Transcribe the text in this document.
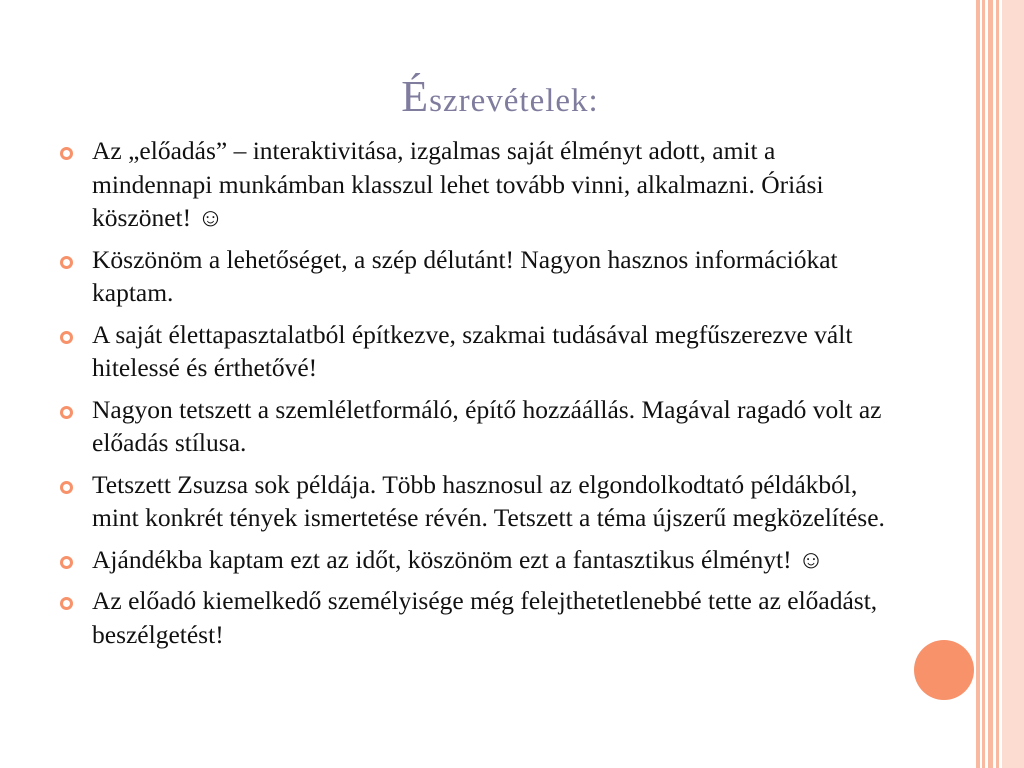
Észrevételek:
Az „előadás” – interaktivitása, izgalmas saját élményt adott, amit a mindennapi munkámban klasszul lehet tovább vinni, alkalmazni. Óriási köszönet! ☺
Köszönöm a lehetőséget, a szép délutánt! Nagyon hasznos információkat kaptam.
A saját élettapasztalatból építkezve, szakmai tudásával megfűszerezve vált hitelessé és érthetővé!
Nagyon tetszett a szemléletformáló, építő hozzáállás. Magával ragadó volt az előadás stílusa.
Tetszett Zsuzsa sok példája. Több hasznosul az elgondolkodtató példákból, mint konkrét tények ismertetése révén. Tetszett a téma újszerű megközelítése.
Ajándékba kaptam ezt az időt, köszönöm ezt a fantasztikus élményt! ☺
Az előadó kiemelkedő személyisége még felejthetetlenebbé tette az előadást, beszélgetést!
